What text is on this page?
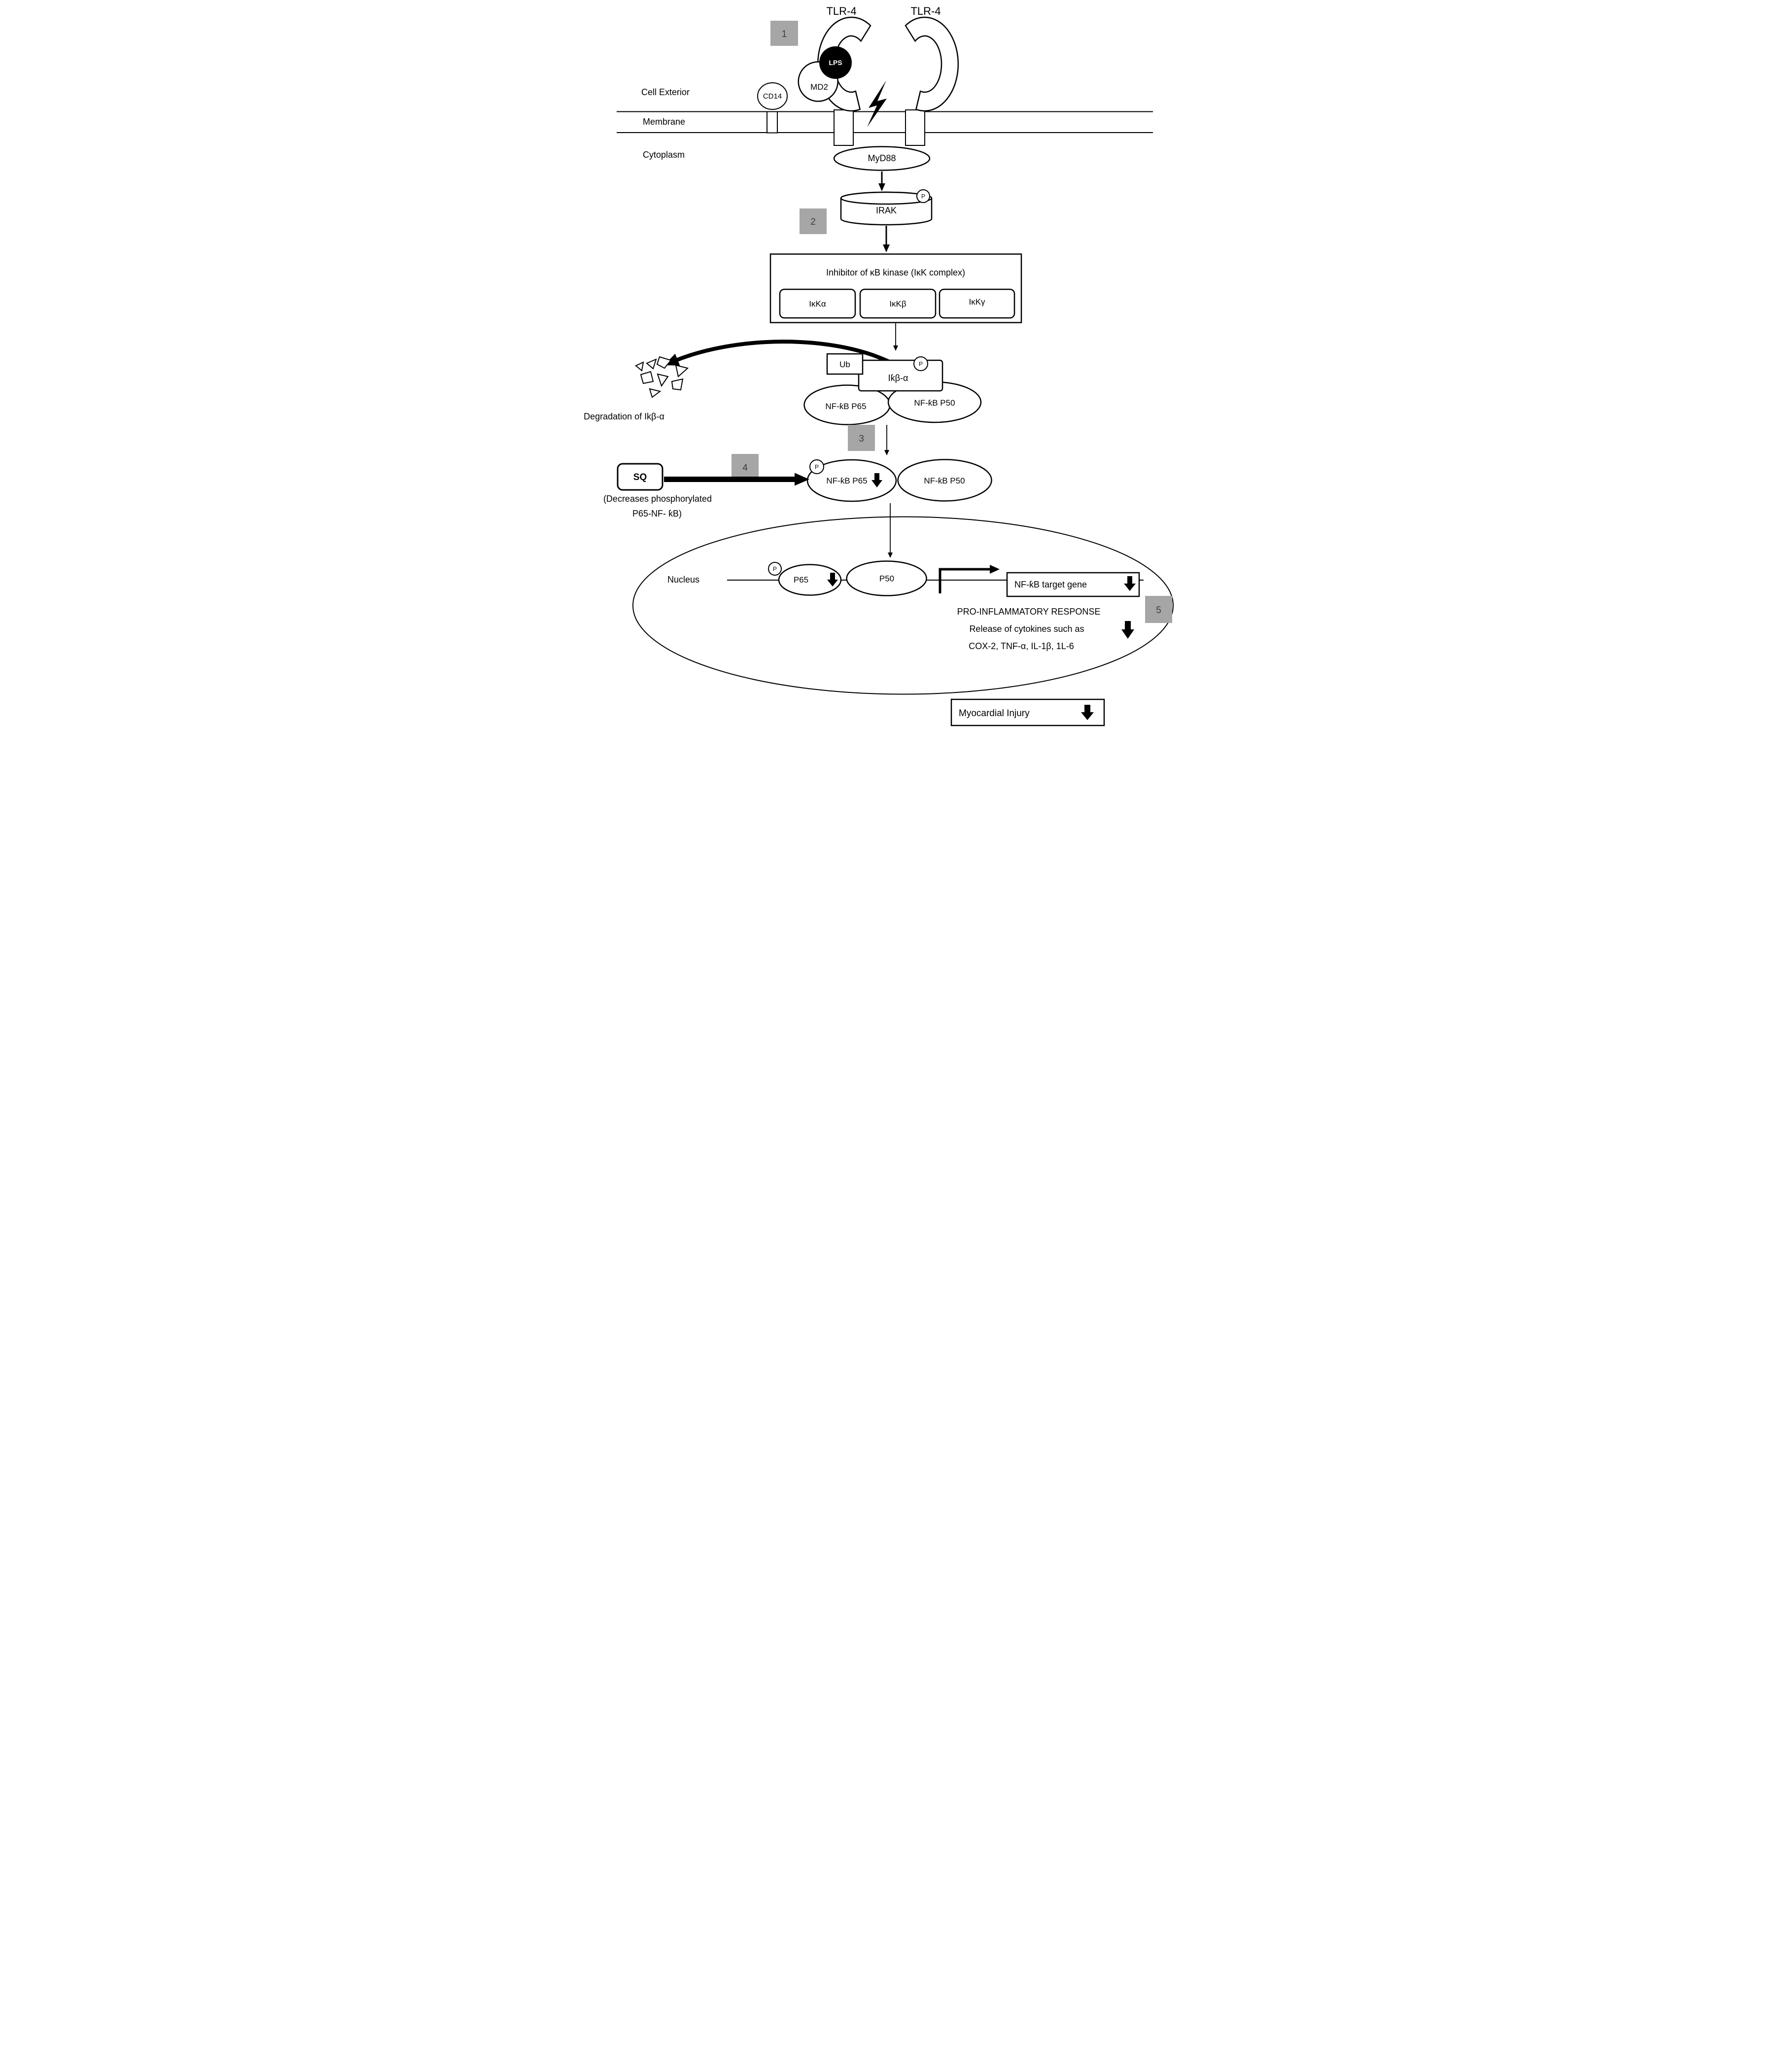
Cell Exterior
Membrane
Cytoplasm
MD2
LPS
CD14
TLR-4	TLR-4
1
MyD88
IRAK
P
2
Inhibitor of κB kinase (IκK complex)
IκKα	IκKβ	IκKγ
Ub
Iƙβ-α
P
NF-ƙB P65	NF-ƙB P50
Degradation of Ikβ-α
3
P
NF-ƙB P65	NF-ƙB P50
SQ
(Decreases phosphorylated
P65-NF- ƙB)
4
Nucleus
P
P65	P50
NF-ƙB target gene
5
PRO-INFLAMMATORY RESPONSE
Release of cytokines such as
COX-2, TNF-α, IL-1β, 1L-6
Myocardial Injury
